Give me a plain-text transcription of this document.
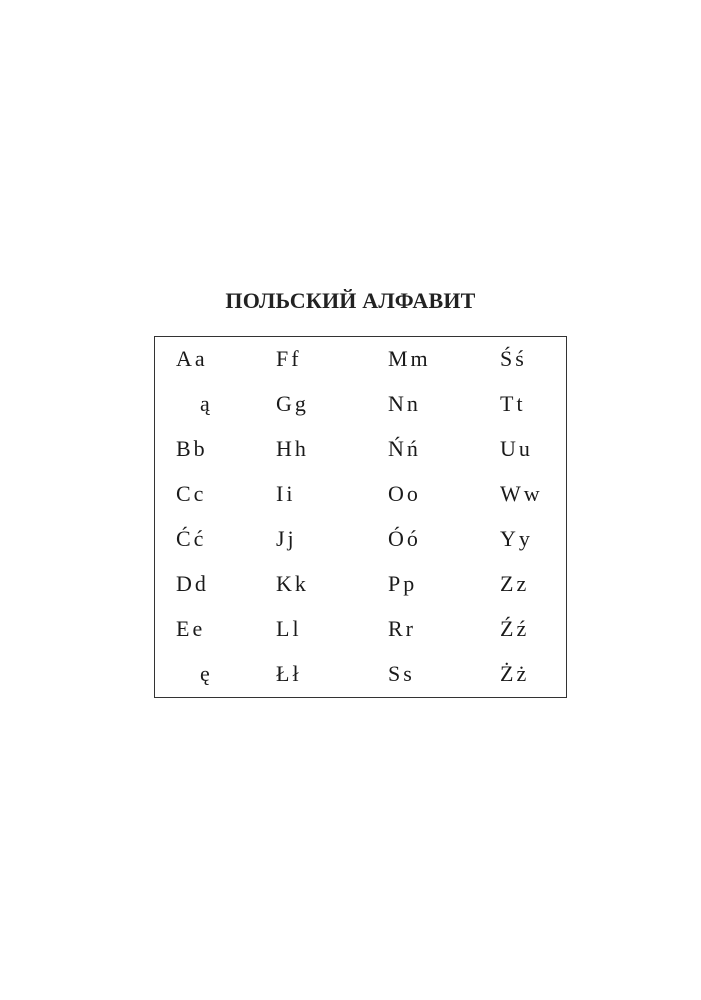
ПОЛЬСКИЙ АЛФАВИТ
Aa
ą
Bb
Cc
Ćć
Dd
Ee
ę
Ff
Gg
Hh
Ii
Jj
Kk
Ll
Łł
Mm
Nn
Ńń
Oo
Óó
Pp
Rr
Ss
Śś
Tt
Uu
Ww
Yy
Zz
Źź
Żż
